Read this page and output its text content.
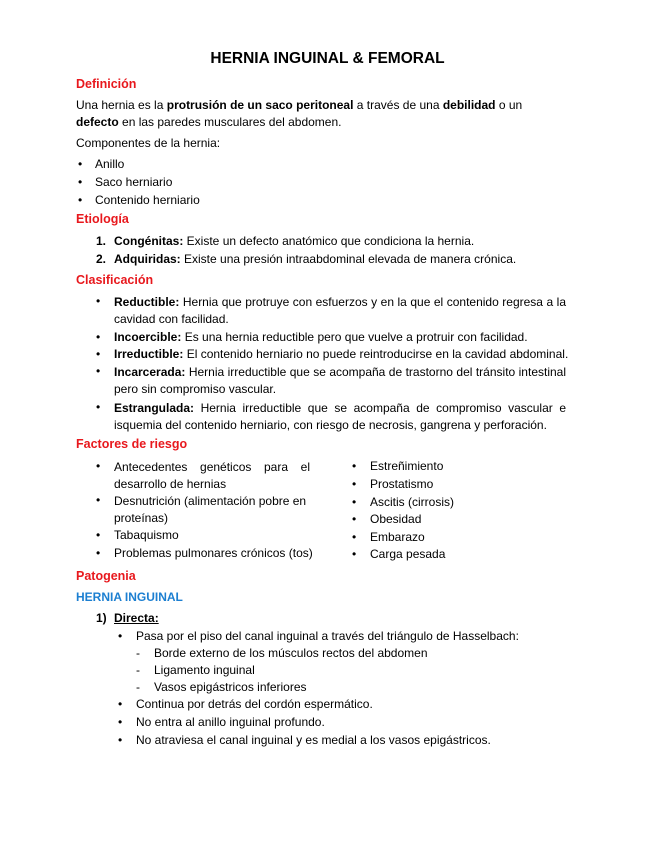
HERNIA INGUINAL & FEMORAL
Definición
Una hernia es la protrusión de un saco peritoneal a través de una debilidad o un defecto en las paredes musculares del abdomen.
Componentes de la hernia:
• Anillo
• Saco herniario
• Contenido herniario
Etiología
1. Congénitas: Existe un defecto anatómico que condiciona la hernia.
2. Adquiridas: Existe una presión intraabdominal elevada de manera crónica.
Clasificación
• Reductible: Hernia que protruye con esfuerzos y en la que el contenido regresa a la cavidad con facilidad.
• Incoercible: Es una hernia reductible pero que vuelve a protruir con facilidad.
• Irreductible: El contenido herniario no puede reintroducirse en la cavidad abdominal.
• Incarcerada: Hernia irreductible que se acompaña de trastorno del tránsito intestinal pero sin compromiso vascular.
• Estrangulada: Hernia irreductible que se acompaña de compromiso vascular e isquemia del contenido herniario, con riesgo de necrosis, gangrena y perforación.
Factores de riesgo
• Antecedentes genéticos para el desarrollo de hernias
• Desnutrición (alimentación pobre en proteínas)
• Tabaquismo
• Problemas pulmonares crónicos (tos)
• Estreñimiento
• Prostatismo
• Ascitis (cirrosis)
• Obesidad
• Embarazo
• Carga pesada
Patogenia
HERNIA INGUINAL
1) Directa:
• Pasa por el piso del canal inguinal a través del triángulo de Hasselbach:
- Borde externo de los músculos rectos del abdomen
- Ligamento inguinal
- Vasos epigástricos inferiores
• Continua por detrás del cordón espermático.
• No entra al anillo inguinal profundo.
• No atraviesa el canal inguinal y es medial a los vasos epigástricos.
